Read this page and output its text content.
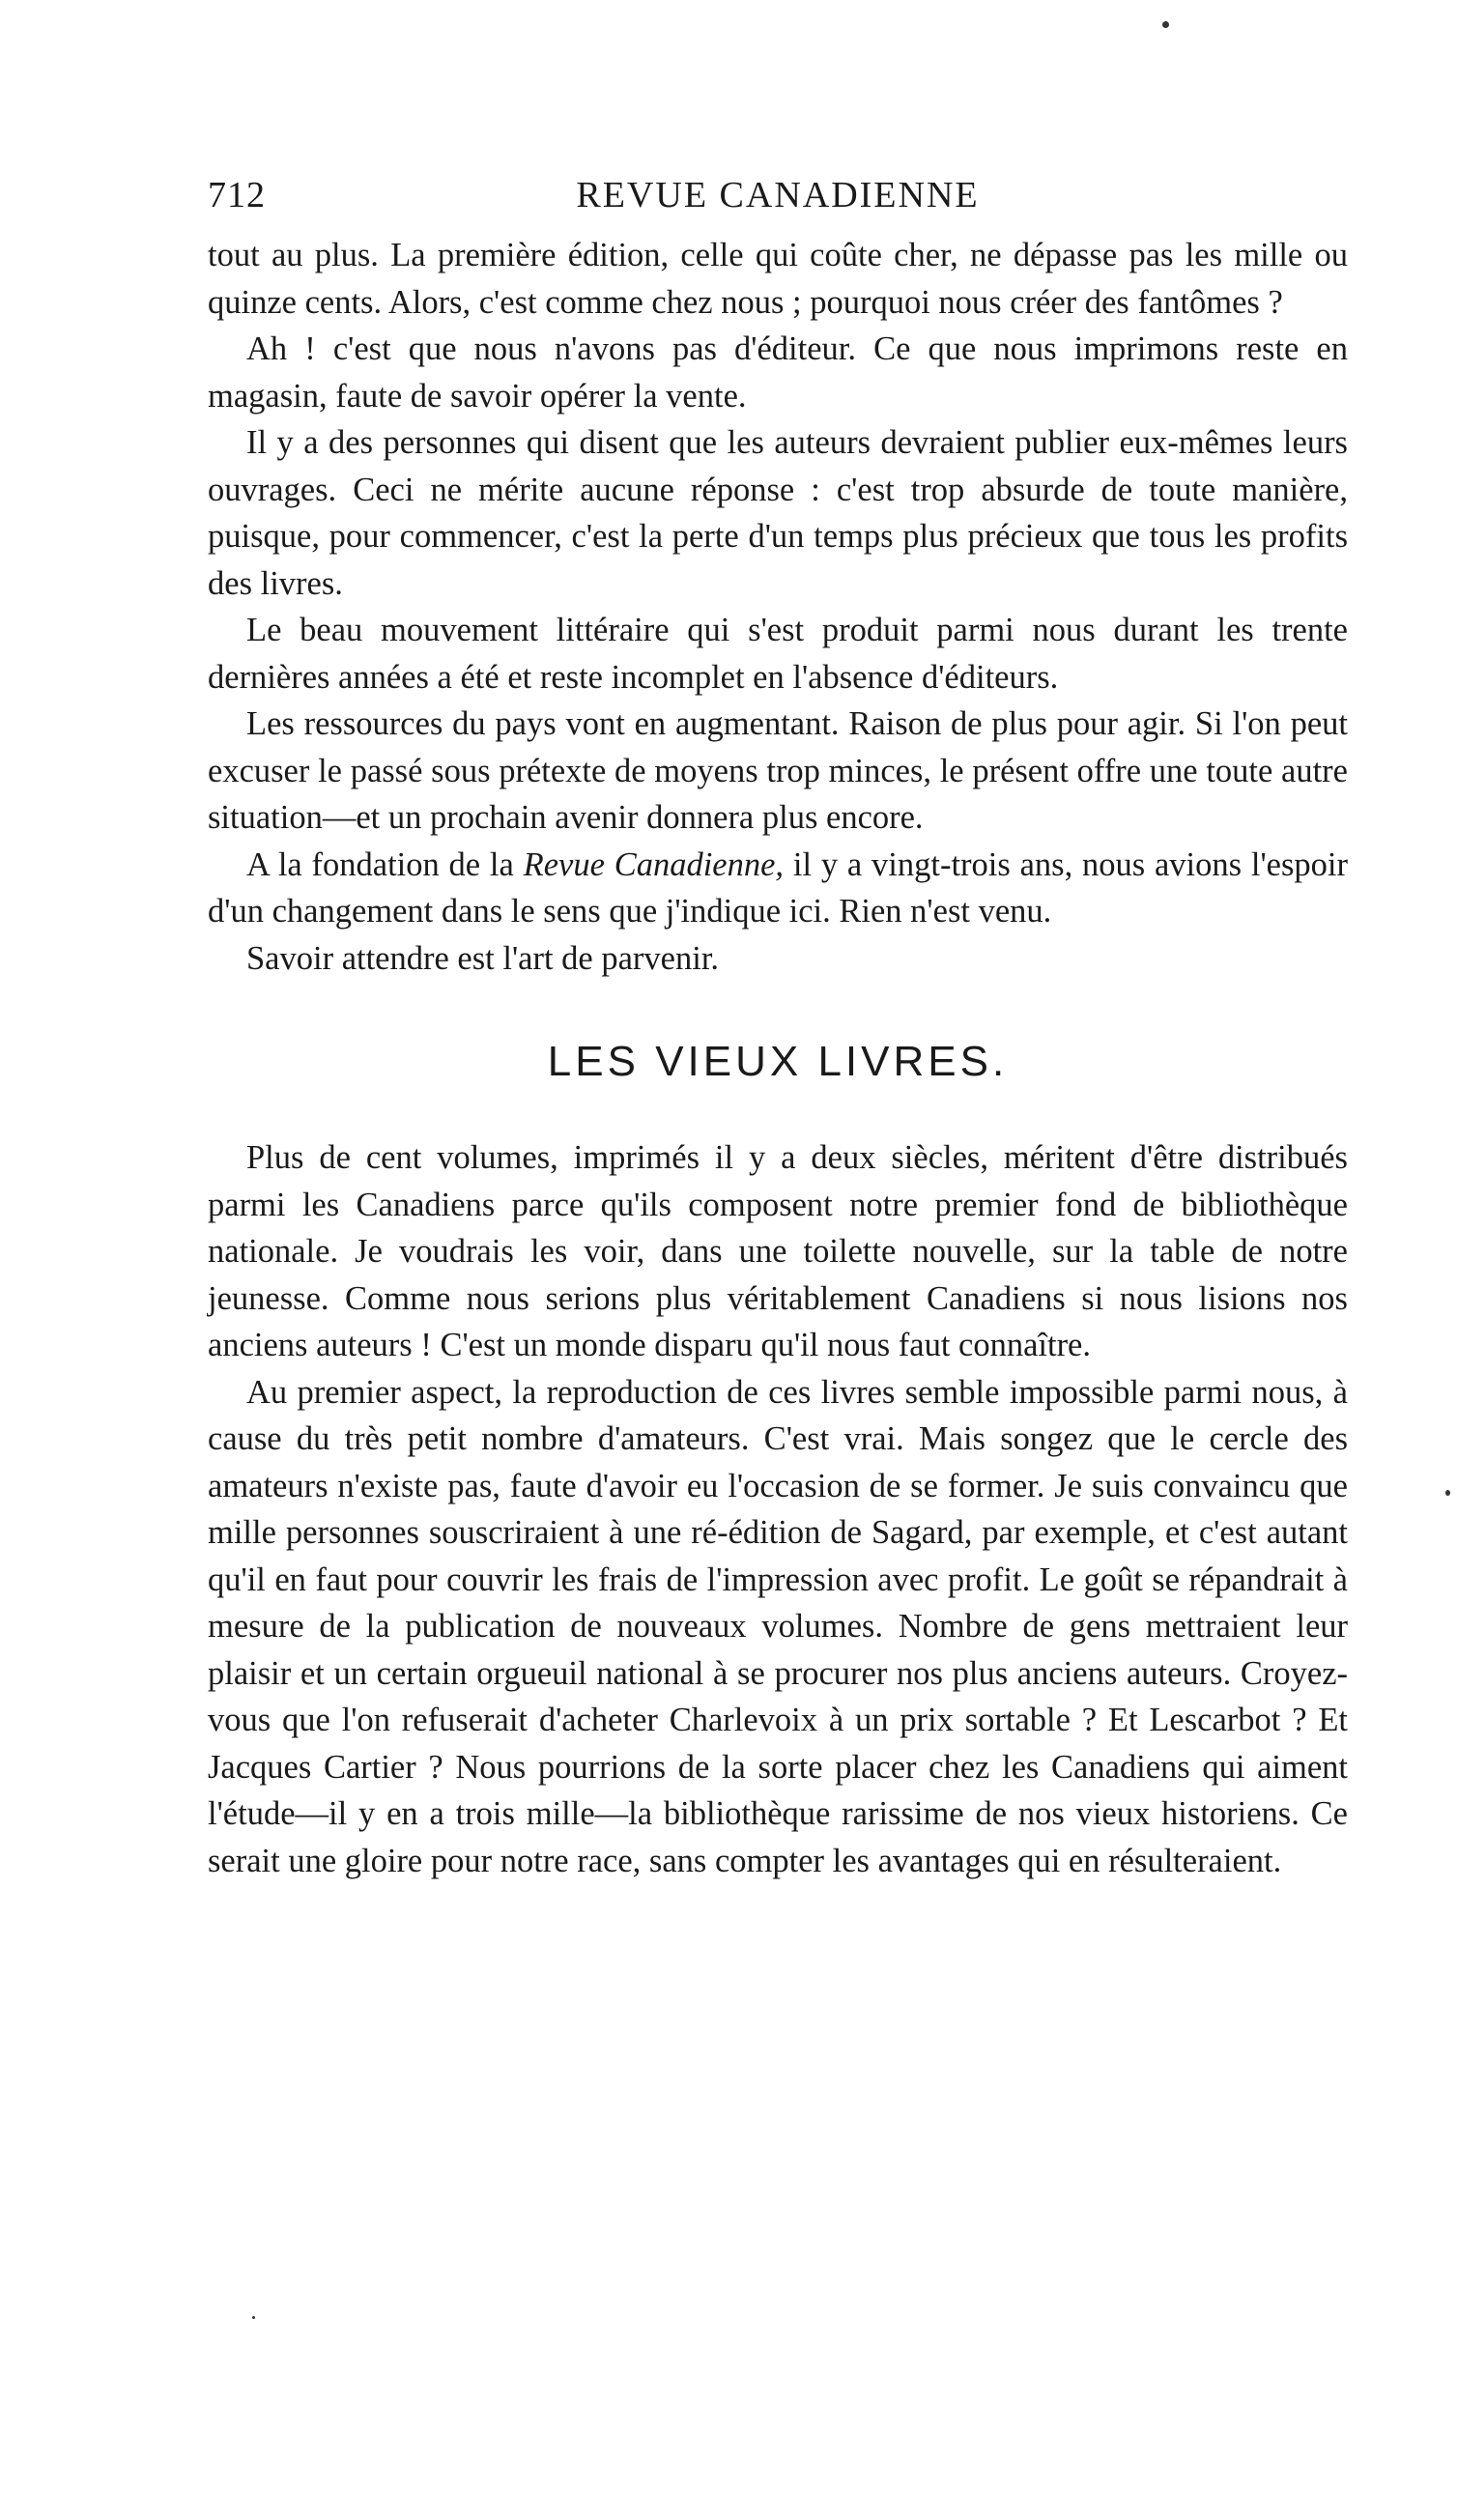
712	REVUE CANADIENNE

tout au plus. La première édition, celle qui coûte cher, ne dépasse pas les mille ou quinze cents. Alors, c'est comme chez nous ; pourquoi nous créer des fantômes ?

Ah ! c'est que nous n'avons pas d'éditeur. Ce que nous imprimons reste en magasin, faute de savoir opérer la vente.

Il y a des personnes qui disent que les auteurs devraient publier eux-mêmes leurs ouvrages. Ceci ne mérite aucune réponse : c'est trop absurde de toute manière, puisque, pour commencer, c'est la perte d'un temps plus précieux que tous les profits des livres.

Le beau mouvement littéraire qui s'est produit parmi nous durant les trente dernières années a été et reste incomplet en l'absence d'éditeurs.

Les ressources du pays vont en augmentant. Raison de plus pour agir. Si l'on peut excuser le passé sous prétexte de moyens trop minces, le présent offre une toute autre situation—et un prochain avenir donnera plus encore.

A la fondation de la Revue Canadienne, il y a vingt-trois ans, nous avions l'espoir d'un changement dans le sens que j'indique ici. Rien n'est venu.

Savoir attendre est l'art de parvenir.

LES VIEUX LIVRES.

Plus de cent volumes, imprimés il y a deux siècles, méritent d'être distribués parmi les Canadiens parce qu'ils composent notre premier fond de bibliothèque nationale. Je voudrais les voir, dans une toilette nouvelle, sur la table de notre jeunesse. Comme nous serions plus véritablement Canadiens si nous lisions nos anciens auteurs ! C'est un monde disparu qu'il nous faut connaître.

Au premier aspect, la reproduction de ces livres semble impossible parmi nous, à cause du très petit nombre d'amateurs. C'est vrai. Mais songez que le cercle des amateurs n'existe pas, faute d'avoir eu l'occasion de se former. Je suis convaincu que mille personnes souscriraient à une ré-édition de Sagard, par exemple, et c'est autant qu'il en faut pour couvrir les frais de l'impression avec profit. Le goût se répandrait à mesure de la publication de nouveaux volumes. Nombre de gens mettraient leur plaisir et un certain orgueuil national à se procurer nos plus anciens auteurs. Croyez-vous que l'on refuserait d'acheter Charlevoix à un prix sortable ? Et Lescarbot ? Et Jacques Cartier ? Nous pourrions de la sorte placer chez les Canadiens qui aiment l'étude—il y en a trois mille—la bibliothèque rarissime de nos vieux historiens. Ce serait une gloire pour notre race, sans compter les avantages qui en résulteraient.
